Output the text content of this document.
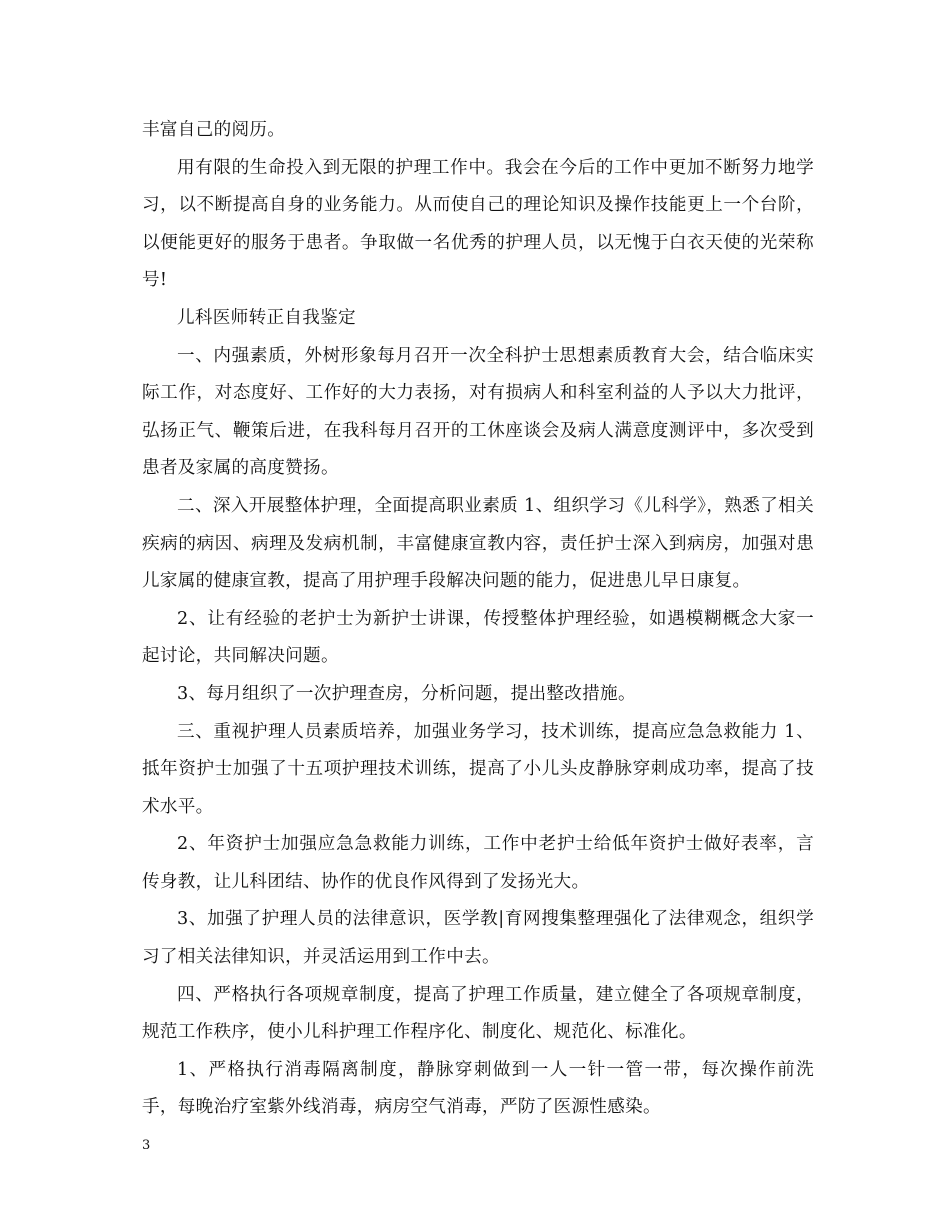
丰富自己的阅历。

用有限的生命投入到无限的护理工作中。我会在今后的工作中更加不断努力地学习，以不断提高自身的业务能力。从而使自己的理论知识及操作技能更上一个台阶，以便能更好的服务于患者。争取做一名优秀的护理人员，以无愧于白衣天使的光荣称号!

儿科医师转正自我鉴定

一、内强素质，外树形象每月召开一次全科护士思想素质教育大会，结合临床实际工作，对态度好、工作好的大力表扬，对有损病人和科室利益的人予以大力批评，弘扬正气、鞭策后进，在我科每月召开的工休座谈会及病人满意度测评中，多次受到患者及家属的高度赞扬。

二、深入开展整体护理，全面提高职业素质 1、组织学习《儿科学》，熟悉了相关疾病的病因、病理及发病机制，丰富健康宣教内容，责任护士深入到病房，加强对患儿家属的健康宣教，提高了用护理手段解决问题的能力，促进患儿早日康复。

2、让有经验的老护士为新护士讲课，传授整体护理经验，如遇模糊概念大家一起讨论，共同解决问题。

3、每月组织了一次护理查房，分析问题，提出整改措施。

三、重视护理人员素质培养，加强业务学习，技术训练，提高应急急救能力 1、抵年资护士加强了十五项护理技术训练，提高了小儿头皮静脉穿刺成功率，提高了技术水平。

2、年资护士加强应急急救能力训练，工作中老护士给低年资护士做好表率，言传身教，让儿科团结、协作的优良作风得到了发扬光大。

3、加强了护理人员的法律意识，医学教|育网搜集整理强化了法律观念，组织学习了相关法律知识，并灵活运用到工作中去。

四、严格执行各项规章制度，提高了护理工作质量，建立健全了各项规章制度，规范工作秩序，使小儿科护理工作程序化、制度化、规范化、标准化。

1、严格执行消毒隔离制度，静脉穿刺做到一人一针一管一带，每次操作前洗手，每晚治疗室紫外线消毒，病房空气消毒，严防了医源性感染。

3
